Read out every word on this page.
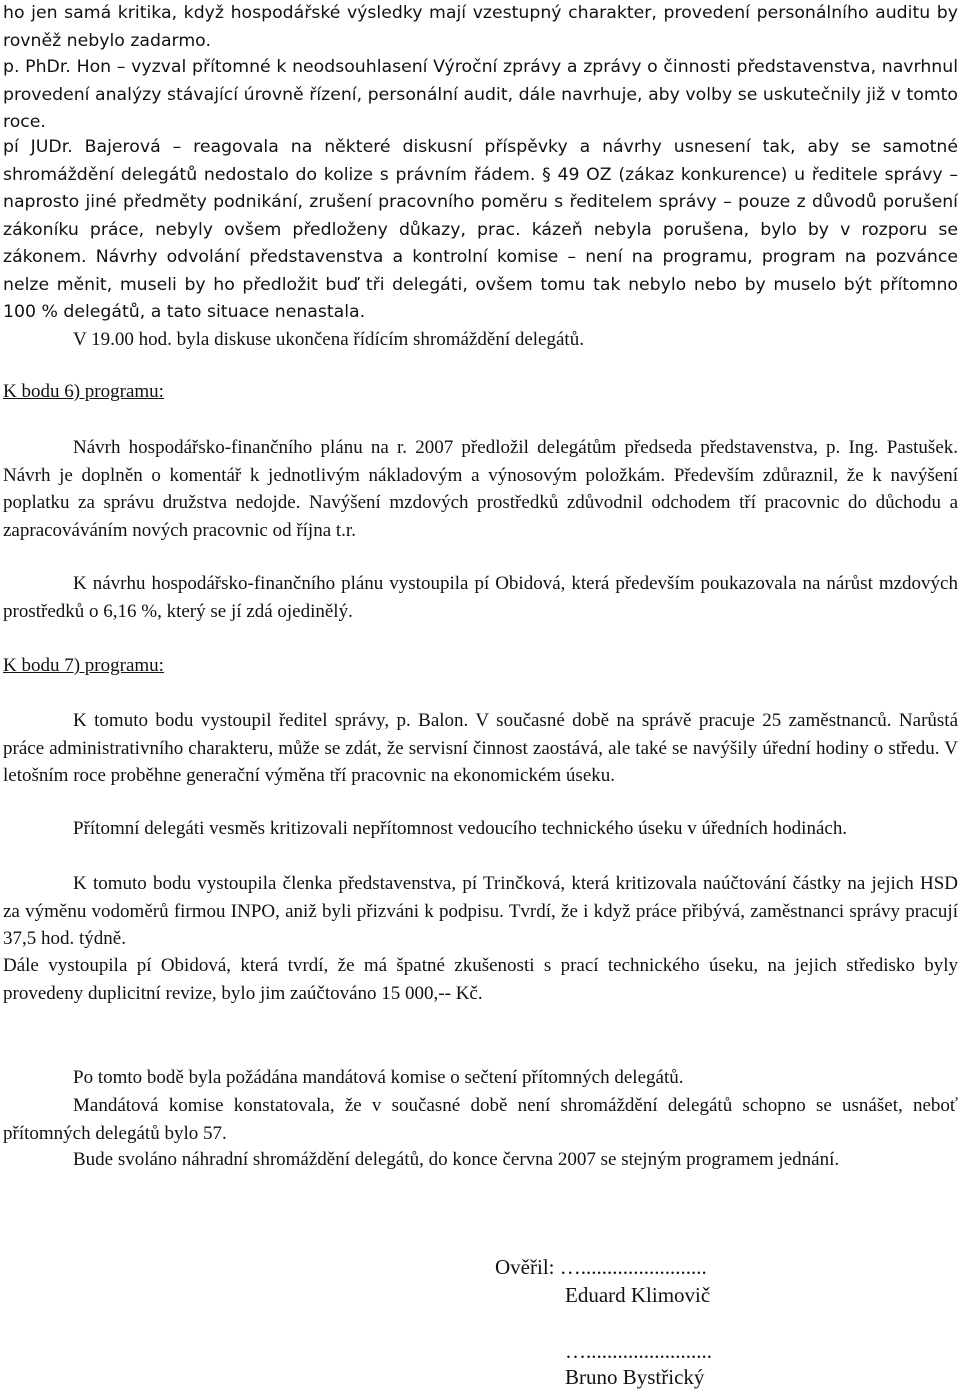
ho jen samá kritika, když hospodářské výsledky mají vzestupný charakter, provedení personálního auditu by rovněž nebylo zadarmo.

p. PhDr. Hon – vyzval přítomné k neodsouhlasení Výroční zprávy a zprávy o činnosti představenstva, navrhnul provedení analýzy stávající úrovně řízení, personální audit, dále navrhuje, aby volby se uskutečnily již v tomto roce.

pí JUDr. Bajerová – reagovala na některé diskusní příspěvky a návrhy usnesení tak, aby se samotné shromáždění delegátů nedostalo do kolize s právním řádem. § 49 OZ (zákaz konkurence) u ředitele správy – naprosto jiné předměty podnikání, zrušení pracovního poměru s ředitelem správy – pouze z důvodů porušení zákoníku práce, nebyly ovšem předloženy důkazy, prac. kázeň nebyla porušena, bylo by v rozporu se zákonem. Návrhy odvolání představenstva a kontrolní komise – není na programu, program na pozvánce nelze měnit, museli by ho předložit buď tři delegáti, ovšem tomu tak nebylo nebo by muselo být přítomno 100 % delegátů, a tato situace nenastala.

V 19.00 hod. byla diskuse ukončena řídícím shromáždění delegátů.

K bodu 6) programu:

Návrh hospodářsko-finančního plánu na r. 2007 předložil delegátům předseda představenstva, p. Ing. Pastušek. Návrh je doplněn o komentář k jednotlivým nákladovým a výnosovým položkám. Především zdůraznil, že k navýšení poplatku za správu družstva nedojde. Navýšení mzdových prostředků zdůvodnil odchodem tří pracovnic do důchodu a zapracováváním nových pracovnic od října t.r.

K návrhu hospodářsko-finančního plánu vystoupila pí Obidová, která především poukazovala na nárůst mzdových prostředků o 6,16 %, který se jí zdá ojedinělý.

K bodu 7) programu:

K tomuto bodu vystoupil ředitel správy, p. Balon. V současné době na správě pracuje 25 zaměstnanců. Narůstá práce administrativního charakteru, může se zdát, že servisní činnost zaostává, ale také se navýšily úřední hodiny o středu. V letošním roce proběhne generační výměna tří pracovnic na ekonomickém úseku.

Přítomní delegáti vesměs kritizovali nepřítomnost vedoucího technického úseku v úředních hodinách.

K tomuto bodu vystoupila členka představenstva, pí Trinčková, která kritizovala naúčtování částky na jejich HSD za výměnu vodoměrů firmou INPO, aniž byli přizváni k podpisu. Tvrdí, že i když práce přibývá, zaměstnanci správy pracují 37,5 hod. týdně.

Dále vystoupila pí Obidová, která tvrdí, že má špatné zkušenosti s prací technického úseku, na jejich středisko byly provedeny duplicitní revize, bylo jim zaúčtováno 15 000,-- Kč.

Po tomto bodě byla požádána mandátová komise o sečtení přítomných delegátů.

Mandátová komise konstatovala, že v současné době není shromáždění delegátů schopno se usnášet, neboť přítomných delegátů bylo 57.

Bude svoláno náhradní shromáždění delegátů, do konce června 2007 se stejným programem jednání.

Ověřil: …........................
Eduard Klimovič
…........................
Bruno Bystřický
